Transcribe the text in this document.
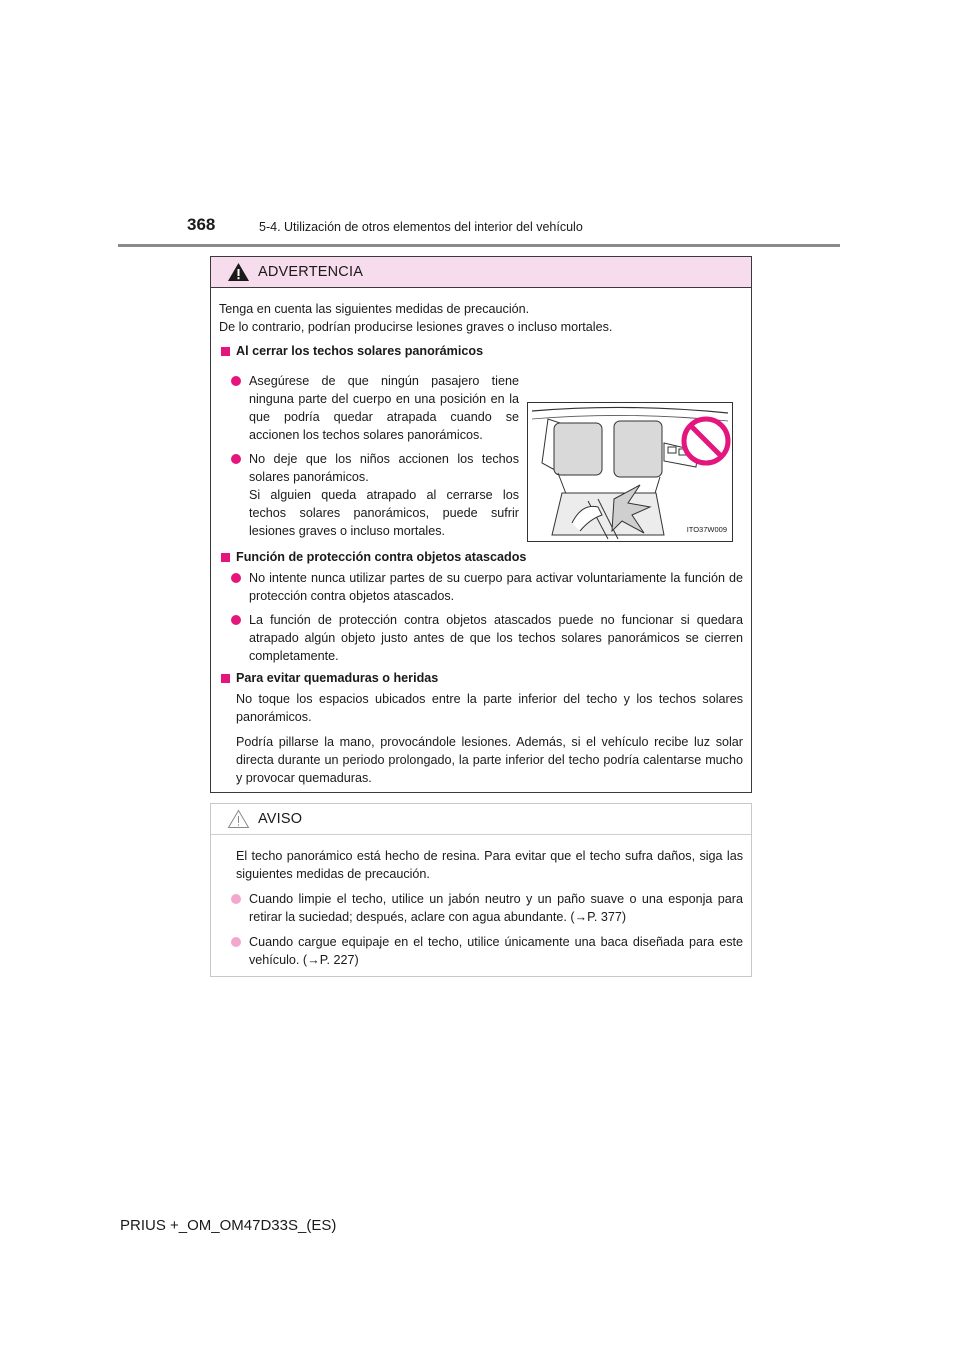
368	5-4. Utilización de otros elementos del interior del vehículo
ADVERTENCIA
Tenga en cuenta las siguientes medidas de precaución.
De lo contrario, podrían producirse lesiones graves o incluso mortales.
Al cerrar los techos solares panorámicos
Asegúrese de que ningún pasajero tiene ninguna parte del cuerpo en una posición en la que podría quedar atrapada cuando se accionen los techos solares panorámicos.
No deje que los niños accionen los techos solares panorámicos.
Si alguien queda atrapado al cerrarse los techos solares panorámicos, puede sufrir lesiones graves o incluso mortales.	ITO37W009
Función de protección contra objetos atascados
No intente nunca utilizar partes de su cuerpo para activar voluntariamente la función de protección contra objetos atascados.
La función de protección contra objetos atascados puede no funcionar si quedara atrapado algún objeto justo antes de que los techos solares panorámicos se cierren completamente.
Para evitar quemaduras o heridas
No toque los espacios ubicados entre la parte inferior del techo y los techos solares panorámicos.
Podría pillarse la mano, provocándole lesiones. Además, si el vehículo recibe luz solar directa durante un periodo prolongado, la parte inferior del techo podría calentarse mucho y provocar quemaduras.
AVISO
El techo panorámico está hecho de resina. Para evitar que el techo sufra daños, siga las siguientes medidas de precaución.
Cuando limpie el techo, utilice un jabón neutro y un paño suave o una esponja para retirar la suciedad; después, aclare con agua abundante. (→P. 377)
Cuando cargue equipaje en el techo, utilice únicamente una baca diseñada para este vehículo. (→P. 227)
PRIUS +_OM_OM47D33S_(ES)
